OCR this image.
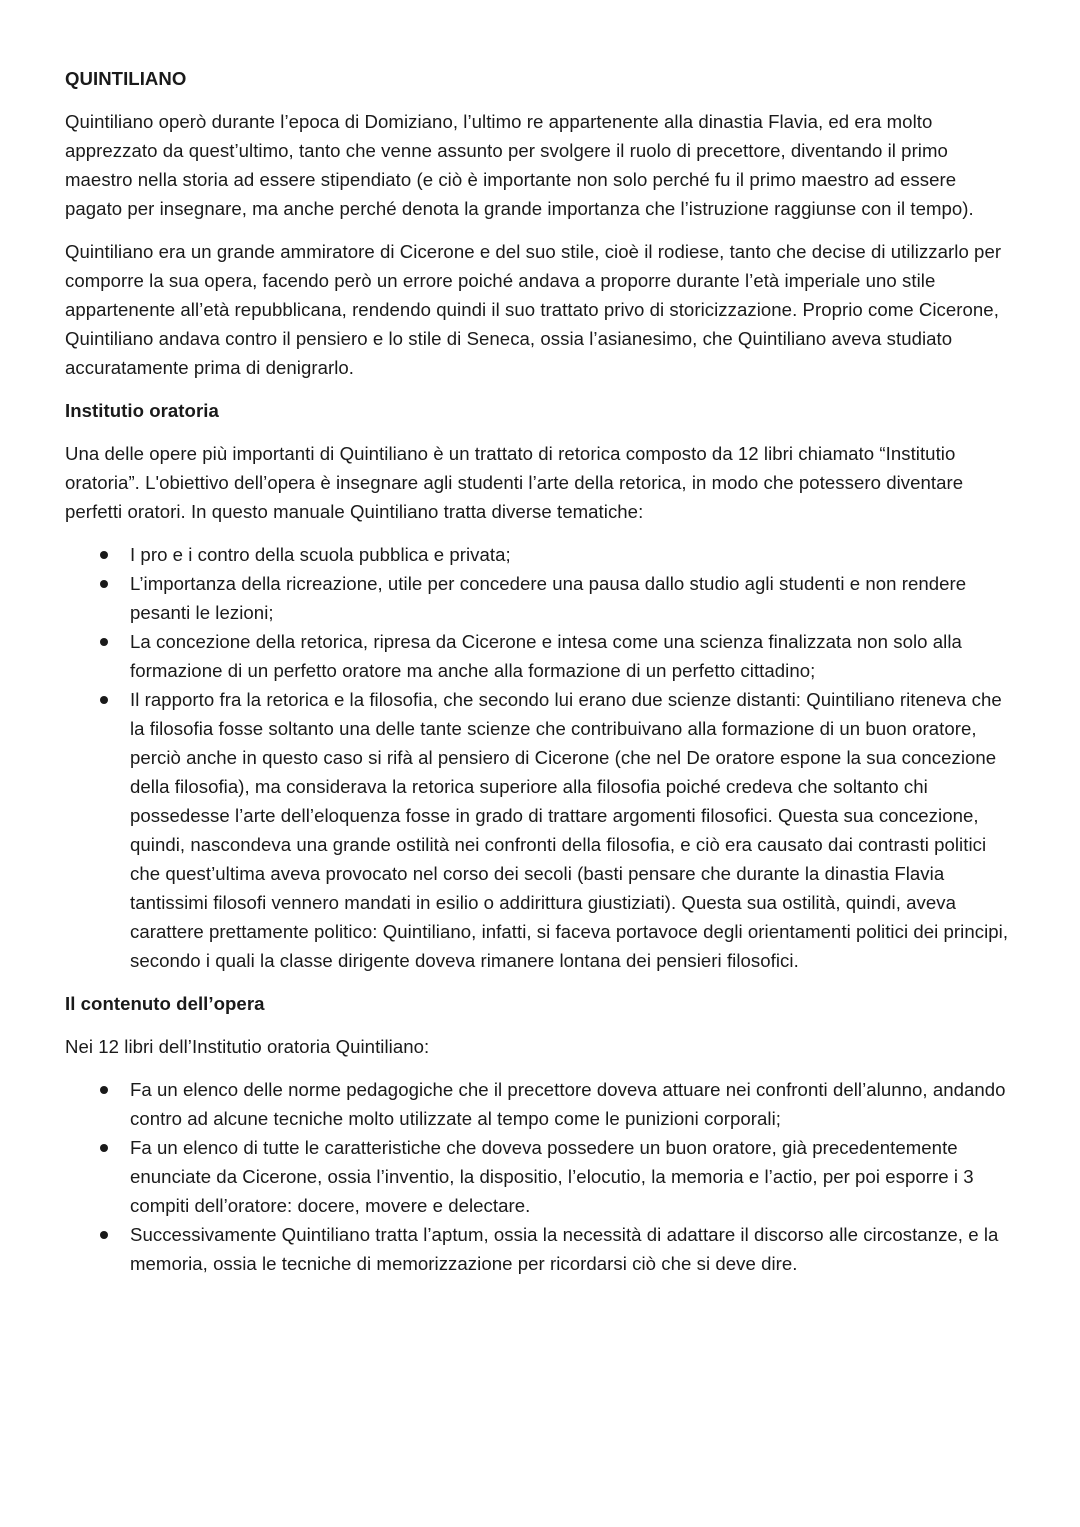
QUINTILIANO

Quintiliano operò durante l’epoca di Domiziano, l’ultimo re appartenente alla dinastia Flavia, ed era molto apprezzato da quest’ultimo, tanto che venne assunto per svolgere il ruolo di precettore, diventando il primo maestro nella storia ad essere stipendiato (e ciò è importante non solo perché fu il primo maestro ad essere pagato per insegnare, ma anche perché denota la grande importanza che l’istruzione raggiunse con il tempo).

Quintiliano era un grande ammiratore di Cicerone e del suo stile, cioè il rodiese, tanto che decise di utilizzarlo per comporre la sua opera, facendo però un errore poiché andava a proporre durante l’età imperiale uno stile appartenente all’età repubblicana, rendendo quindi il suo trattato privo di storicizzazione. Proprio come Cicerone, Quintiliano andava contro il pensiero e lo stile di Seneca, ossia l’asianesimo, che Quintiliano aveva studiato accuratamente prima di denigrarlo.

Institutio oratoria

Una delle opere più importanti di Quintiliano è un trattato di retorica composto da 12 libri chiamato “Institutio oratoria”. L'obiettivo dell’opera è insegnare agli studenti l’arte della retorica, in modo che potessero diventare perfetti oratori. In questo manuale Quintiliano tratta diverse tematiche:

I pro e i contro della scuola pubblica e privata;
L’importanza della ricreazione, utile per concedere una pausa dallo studio agli studenti e non rendere pesanti le lezioni;
La concezione della retorica, ripresa da Cicerone e intesa come una scienza finalizzata non solo alla formazione di un perfetto oratore ma anche alla formazione di un perfetto cittadino;
Il rapporto fra la retorica e la filosofia, che secondo lui erano due scienze distanti: Quintiliano riteneva che la filosofia fosse soltanto una delle tante scienze che contribuivano alla formazione di un buon oratore, perciò anche in questo caso si rifà al pensiero di Cicerone (che nel De oratore espone la sua concezione della filosofia), ma considerava la retorica superiore alla filosofia poiché credeva che soltanto chi possedesse l’arte dell’eloquenza fosse in grado di trattare argomenti filosofici. Questa sua concezione, quindi, nascondeva una grande ostilità nei confronti della filosofia, e ciò era causato dai contrasti politici che quest’ultima aveva provocato nel corso dei secoli (basti pensare che durante la dinastia Flavia tantissimi filosofi vennero mandati in esilio o addirittura giustiziati). Questa sua ostilità, quindi, aveva carattere prettamente politico: Quintiliano, infatti, si faceva portavoce degli orientamenti politici dei principi, secondo i quali la classe dirigente doveva rimanere lontana dei pensieri filosofici.
Il contenuto dell’opera

Nei 12 libri dell’Institutio oratoria Quintiliano:

Fa un elenco delle norme pedagogiche che il precettore doveva attuare nei confronti dell’alunno, andando contro ad alcune tecniche molto utilizzate al tempo come le punizioni corporali;
Fa un elenco di tutte le caratteristiche che doveva possedere un buon oratore, già precedentemente enunciate da Cicerone, ossia l’inventio, la dispositio, l’elocutio, la memoria e l’actio, per poi esporre i 3 compiti dell’oratore: docere, movere e delectare.
Successivamente Quintiliano tratta l’aptum, ossia la necessità di adattare il discorso alle circostanze, e la memoria, ossia le tecniche di memorizzazione per ricordarsi ciò che si deve dire.
